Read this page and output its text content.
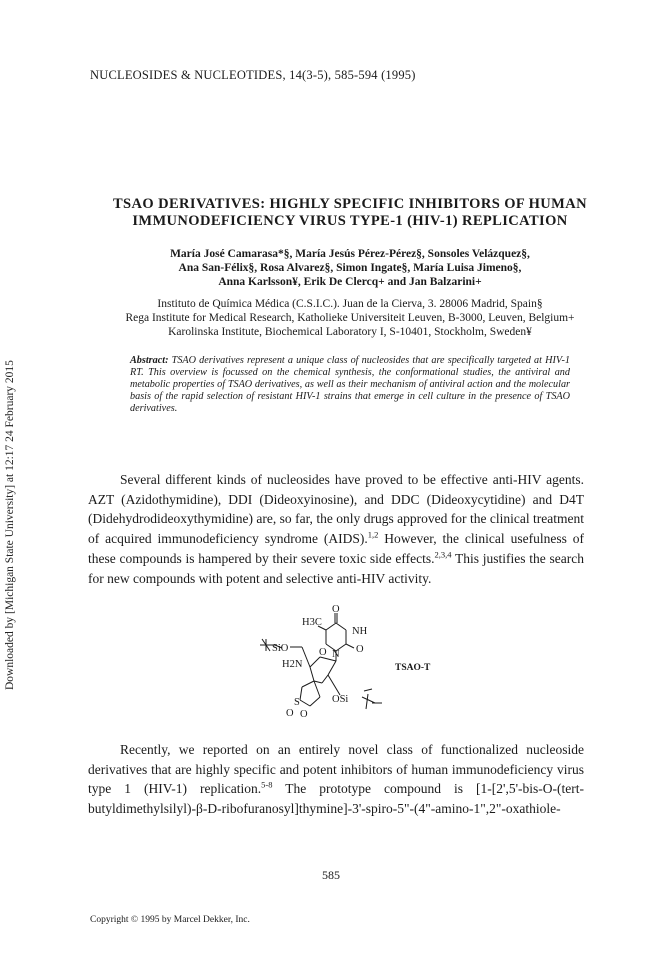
NUCLEOSIDES & NUCLEOTIDES, 14(3-5), 585-594 (1995)
Downloaded by [Michigan State University] at 12:17 24 February 2015
TSAO DERIVATIVES: HIGHLY SPECIFIC INHIBITORS OF HUMAN
IMMUNODEFICIENCY VIRUS TYPE-1 (HIV-1) REPLICATION
María José Camarasa*§, María Jesús Pérez-Pérez§, Sonsoles Velázquez§,
Ana San-Félix§, Rosa Alvarez§, Simon Ingate§, María Luisa Jimeno§,
Anna Karlsson¥, Erik De Clercq+ and Jan Balzarini+
Instituto de Química Médica (C.S.I.C.). Juan de la Cierva, 3. 28006 Madrid, Spain§
Rega Institute for Medical Research, Katholieke Universiteit Leuven, B-3000, Leuven, Belgium+
Karolinska Institute, Biochemical Laboratory I, S-10401, Stockholm, Sweden¥
Abstract: TSAO derivatives represent a unique class of nucleosides that are specifically targeted at HIV-1 RT. This overview is focussed on the chemical synthesis, the conformational studies, the antiviral and metabolic properties of TSAO derivatives, as well as their mechanism of antiviral action and the molecular basis of the rapid selection of resistant HIV-1 strains that emerge in cell culture in the presence of TSAO derivatives.
Several different kinds of nucleosides have proved to be effective anti-HIV agents. AZT (Azidothymidine), DDI (Dideoxyinosine), and DDC (Dideoxycytidine) and D4T (Didehydrodideoxythymidine) are, so far, the only drugs approved for the clinical treatment of acquired immunodeficiency syndrome (AIDS).$^{1,2}$ However, the clinical usefulness of these compounds is hampered by their severe toxic side effects.$^{2,3,4}$ This justifies the search for new compounds with potent and selective anti-HIV activity.
O
H3C
NH
O
N
O
SiO
H2N
S
O O
OSi
TSAO-T
Recently, we reported on an entirely novel class of functionalized nucleoside derivatives that are highly specific and potent inhibitors of human immunodeficiency virus type 1 (HIV-1) replication.$^{5-8}$ The prototype compound is [1-[2',5'-bis-O-(tert-butyldimethylsilyl)-β-D-ribofuranosyl]thymine]-3'-spiro-5"-(4"-amino-1",2"-oxathiole-
585
Copyright © 1995 by Marcel Dekker, Inc.
